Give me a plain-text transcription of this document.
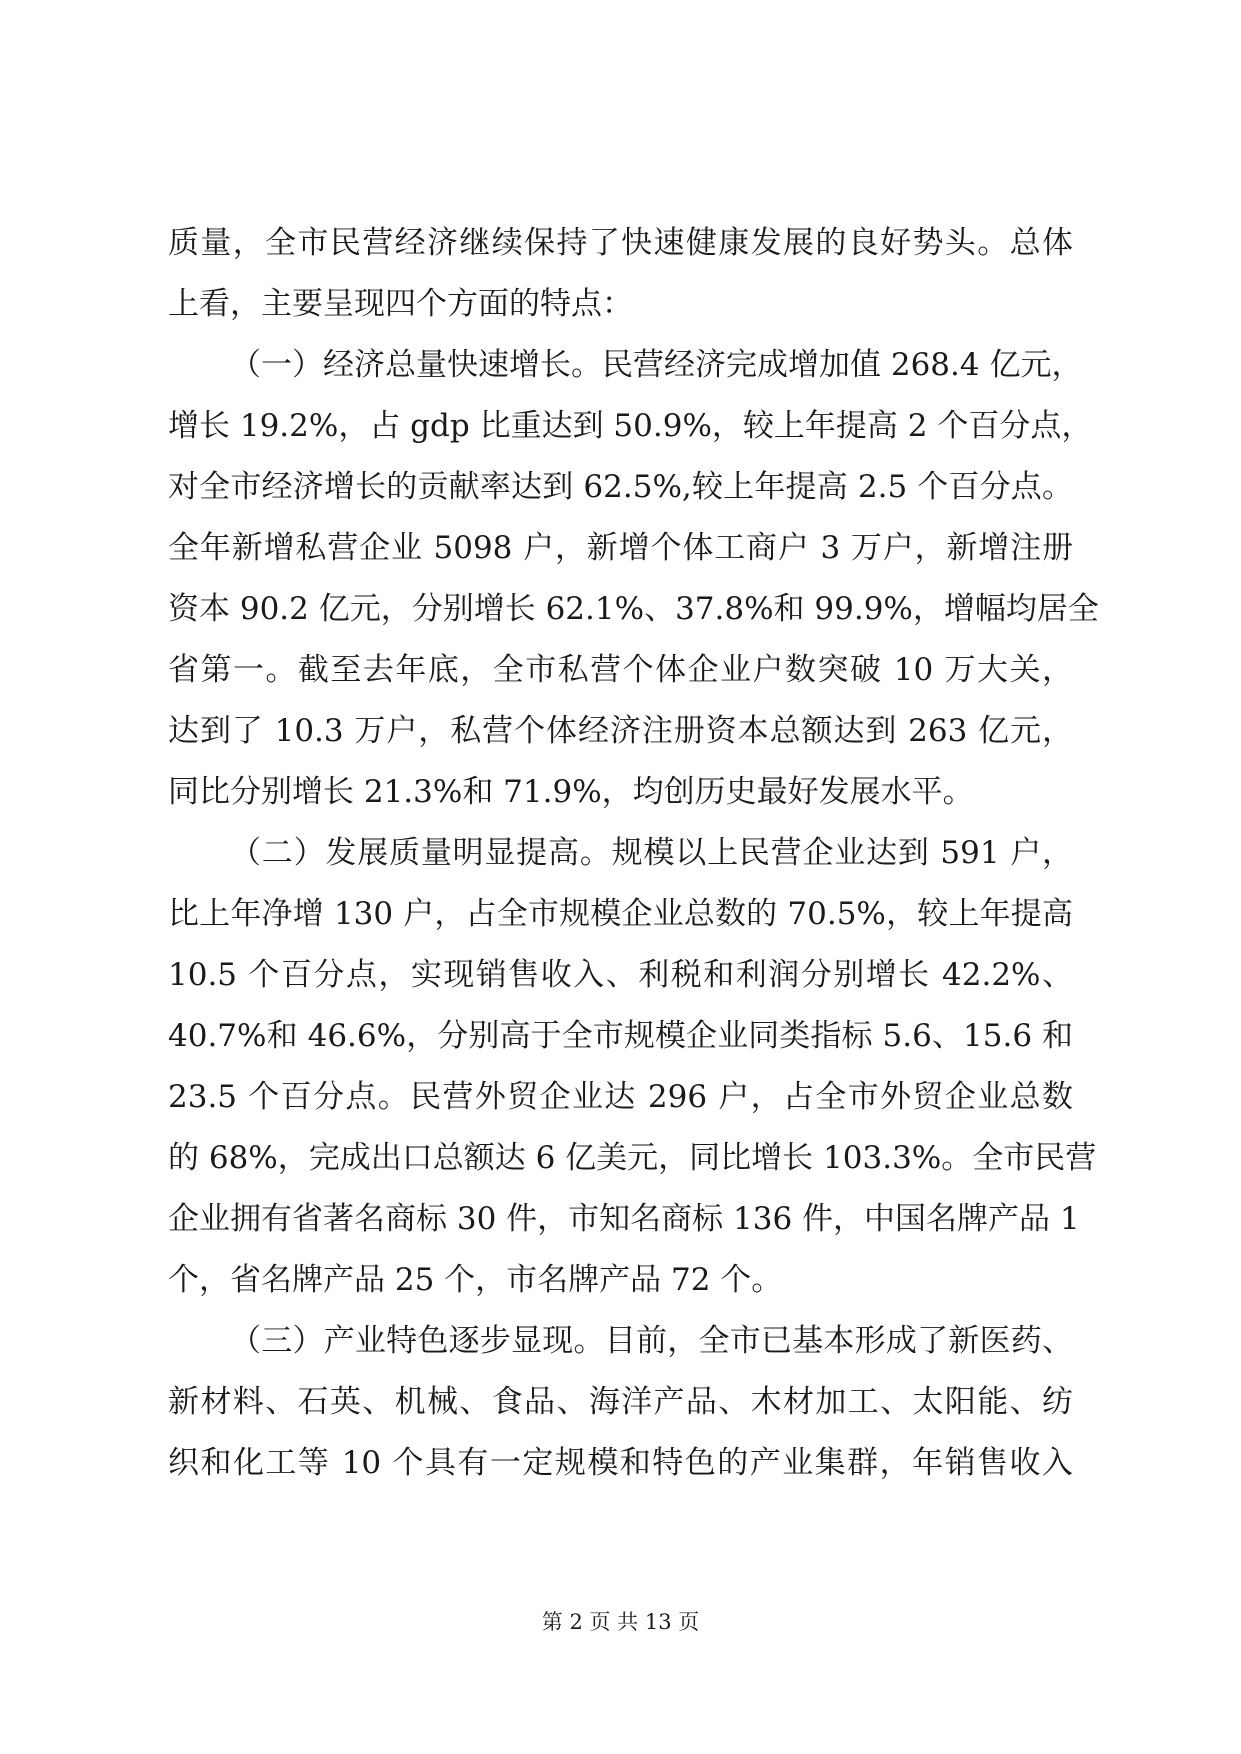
质量，全市民营经济继续保持了快速健康发展的良好势头。总体
上看，主要呈现四个方面的特点：
（一）经济总量快速增长。民营经济完成增加值 268.4 亿元，
增长 19.2%，占 gdp 比重达到 50.9%，较上年提高 2 个百分点，
对全市经济增长的贡献率达到 62.5%,较上年提高 2.5 个百分点。
全年新增私营企业 5098 户，新增个体工商户 3 万户，新增注册
资本 90.2 亿元，分别增长 62.1%、37.8%和 99.9%，增幅均居全
省第一。截至去年底，全市私营个体企业户数突破 10 万大关，
达到了 10.3 万户，私营个体经济注册资本总额达到 263 亿元，
同比分别增长 21.3%和 71.9%，均创历史最好发展水平。
（二）发展质量明显提高。规模以上民营企业达到 591 户，
比上年净增 130 户，占全市规模企业总数的 70.5%，较上年提高
10.5 个百分点，实现销售收入、利税和利润分别增长 42.2%、
40.7%和 46.6%，分别高于全市规模企业同类指标 5.6、15.6 和
23.5 个百分点。民营外贸企业达 296 户，占全市外贸企业总数
的 68%，完成出口总额达 6 亿美元，同比增长 103.3%。全市民营
企业拥有省著名商标 30 件，市知名商标 136 件，中国名牌产品 1
个，省名牌产品 25 个，市名牌产品 72 个。
（三）产业特色逐步显现。目前，全市已基本形成了新医药、
新材料、石英、机械、食品、海洋产品、木材加工、太阳能、纺
织和化工等 10 个具有一定规模和特色的产业集群，年销售收入
第 2 页 共 13 页
